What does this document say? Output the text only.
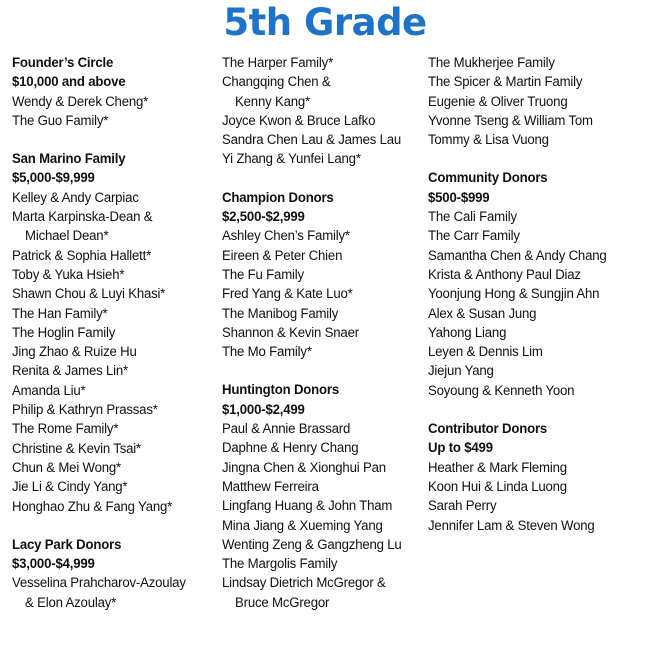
5th Grade
Founder’s Circle
$10,000 and above
Wendy & Derek Cheng*
The Guo Family*
San Marino Family
$5,000-$9,999
Kelley & Andy Carpiac
Marta Karpinska-Dean &
Michael Dean*
Patrick & Sophia Hallett*
Toby & Yuka Hsieh*
Shawn Chou & Luyi Khasi*
The Han Family*
The Hoglin Family
Jing Zhao & Ruize Hu
Renita & James Lin*
Amanda Liu*
Philip & Kathryn Prassas*
The Rome Family*
Christine & Kevin Tsai*
Chun & Mei Wong*
Jie Li & Cindy Yang*
Honghao Zhu & Fang Yang*
Lacy Park Donors
$3,000-$4,999
Vesselina Prahcharov-Azoulay
& Elon Azoulay*
The Harper Family*
Changqing Chen &
Kenny Kang*
Joyce Kwon & Bruce Lafko
Sandra Chen Lau & James Lau
Yi Zhang & Yunfei Lang*
Champion Donors
$2,500-$2,999
Ashley Chen’s Family*
Eireen & Peter Chien
The Fu Family
Fred Yang & Kate Luo*
The Manibog Family
Shannon & Kevin Snaer
The Mo Family*
Huntington Donors
$1,000-$2,499
Paul & Annie Brassard
Daphne & Henry Chang
Jingna Chen & Xionghui Pan
Matthew Ferreira
Lingfang Huang & John Tham
Mina Jiang & Xueming Yang
Wenting Zeng & Gangzheng Lu
The Margolis Family
Lindsay Dietrich McGregor &
Bruce McGregor
The Mukherjee Family
The Spicer & Martin Family
Eugenie & Oliver Truong
Yvonne Tseng & William Tom
Tommy & Lisa Vuong
Community Donors
$500-$999
The Cali Family
The Carr Family
Samantha Chen & Andy Chang
Krista & Anthony Paul Diaz
Yoonjung Hong & Sungjin Ahn
Alex & Susan Jung
Yahong Liang
Leyen & Dennis Lim
Jiejun Yang
Soyoung & Kenneth Yoon
Contributor Donors
Up to $499
Heather & Mark Fleming
Koon Hui & Linda Luong
Sarah Perry
Jennifer Lam & Steven Wong
